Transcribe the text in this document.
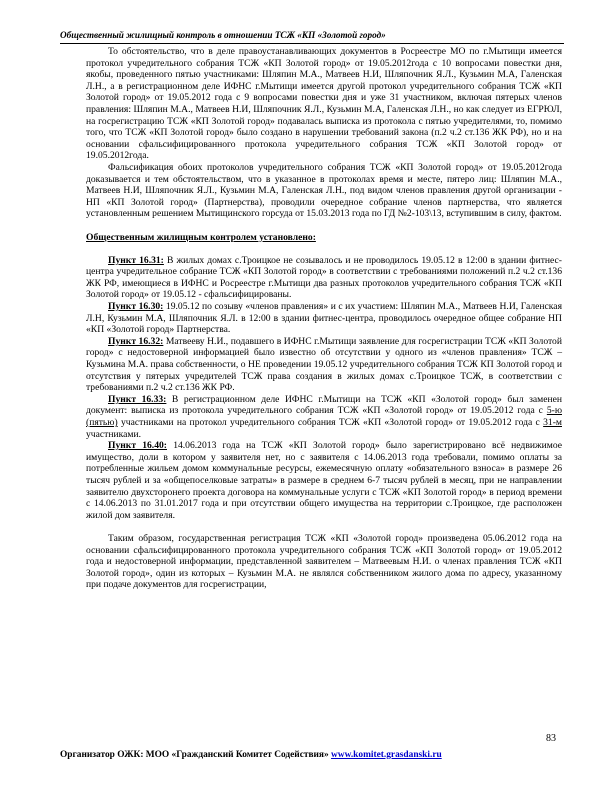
Общественный жилищный контроль в отношении ТСЖ «КП «Золотой город»

То обстоятельство, что в деле правоустанавливающих документов в Росреестре МО по г.Мытищи имеется протокол учредительного собрания ТСЖ «КП Золотой город» от 19.05.2012года с 10 вопросами повестки дня, якобы, проведенного пятью участниками: Шляпин М.А., Матвеев Н.И, Шляпочник Я.Л., Кузьмин М.А, Галенская Л.Н., а в регистрационном деле ИФНС г.Мытищи имеется другой протокол учредительного собрания ТСЖ «КП Золотой город» от 19.05.2012 года с 9 вопросами повестки дня и уже 31 участником, включая пятерых членов правления: Шляпин М.А., Матвеев Н.И, Шляпочник Я.Л., Кузьмин М.А, Галенская Л.Н., но как следует из ЕГРЮЛ, на госрегистрацию ТСЖ «КП Золотой город» подавалась выписка из протокола с пятью учредителями, то, помимо того, что ТСЖ «КП Золотой город» было создано в нарушении требований закона (п.2 ч.2 ст.136 ЖК РФ), но и на основании сфальсифицированного протокола учредительного собрания ТСЖ «КП Золотой город» от 19.05.2012года.

Фальсификация обоих протоколов учредительного собрания ТСЖ «КП Золотой город» от 19.05.2012года доказывается и тем обстоятельством, что в указанное в протоколах время и месте, пятеро лиц: Шляпин М.А., Матвеев Н.И, Шляпочник Я.Л., Кузьмин М.А, Галенская Л.Н., под видом членов правления другой организации - НП «КП Золотой город» (Партнерства), проводили очередное собрание членов партнерства, что является установленным решением Мытищинского горсуда от 15.03.2013 года по ГД №2-103\13, вступившим в силу, фактом.

Общественным жилищным контролем установлено:

Пункт 16.31: В жилых домах с.Троицкое не созывалось и не проводилось 19.05.12 в 12:00 в здании фитнес-центра учредительное собрание ТСЖ «КП Золотой город» в соответствии с требованиями положений п.2 ч.2 ст.136 ЖК РФ, имеющиеся в ИФНС и Росреестре г.Мытищи два разных протоколов учредительного собрания ТСЖ «КП Золотой город» от 19.05.12 - сфальсифицированы.

Пункт 16.30: 19.05.12 по созыву «членов правления» и с их участием: Шляпин М.А., Матвеев Н.И, Галенская Л.Н, Кузьмин М.А, Шляпочник Я.Л. в 12:00 в здании фитнес-центра, проводилось очередное общее собрание НП «КП «Золотой город» Партнерства.

Пункт 16.32: Матвееву Н.И., подавшего в ИФНС г.Мытищи заявление для госрегистрации ТСЖ «КП Золотой город» с недостоверной информацией было известно об отсутствии у одного из «членов правления» ТСЖ – Кузьмина М.А. права собственности, о НЕ проведении 19.05.12 учредительного собрания ТСЖ КП Золотой город и отсутствия у пятерых учредителей ТСЖ права создания в жилых домах с.Троицкое ТСЖ, в соответствии с требованиями п.2 ч.2 ст.136 ЖК РФ.

Пункт 16.33: В регистрационном деле ИФНС г.Мытищи на ТСЖ «КП «Золотой город» был заменен документ: выписка из протокола учредительного собрания ТСЖ «КП «Золотой город» от 19.05.2012 года с 5-ю (пятью) участниками на протокол учредительного собрания ТСЖ «КП «Золотой город» от 19.05.2012 года с 31-м участниками.

Пункт 16.40: 14.06.2013 года на ТСЖ «КП Золотой город» было зарегистрировано всё недвижимое имущество, доли в котором у заявителя нет, но с заявителя с 14.06.2013 года требовали, помимо оплаты за потребленные жильем домом коммунальные ресурсы, ежемесячную оплату «обязательного взноса» в размере 26 тысяч рублей и за «общепоселковые затраты» в размере в среднем 6-7 тысяч рублей в месяц, при не направлении заявителю двухсторонего проекта договора на коммунальные услуги с ТСЖ «КП Золотой город» в период времени с 14.06.2013 по 31.01.2017 года и при отсутствии общего имущества на территории с.Троицкое, где расположен жилой дом заявителя.

Таким образом, государственная регистрация ТСЖ «КП «Золотой город» произведена 05.06.2012 года на основании сфальсифицированного протокола учредительного собрания ТСЖ «КП Золотой город» от 19.05.2012 года и недостоверной информации, представленной заявителем – Матвеевым Н.И. о членах правления ТСЖ «КП Золотой город», один из которых – Кузьмин М.А. не являлся собственником жилого дома по адресу, указанному при подаче документов для госрегистрации,

83
Организатор ОЖК: МОО «Гражданский Комитет Содействия» www.komitet.grasdanski.ru
